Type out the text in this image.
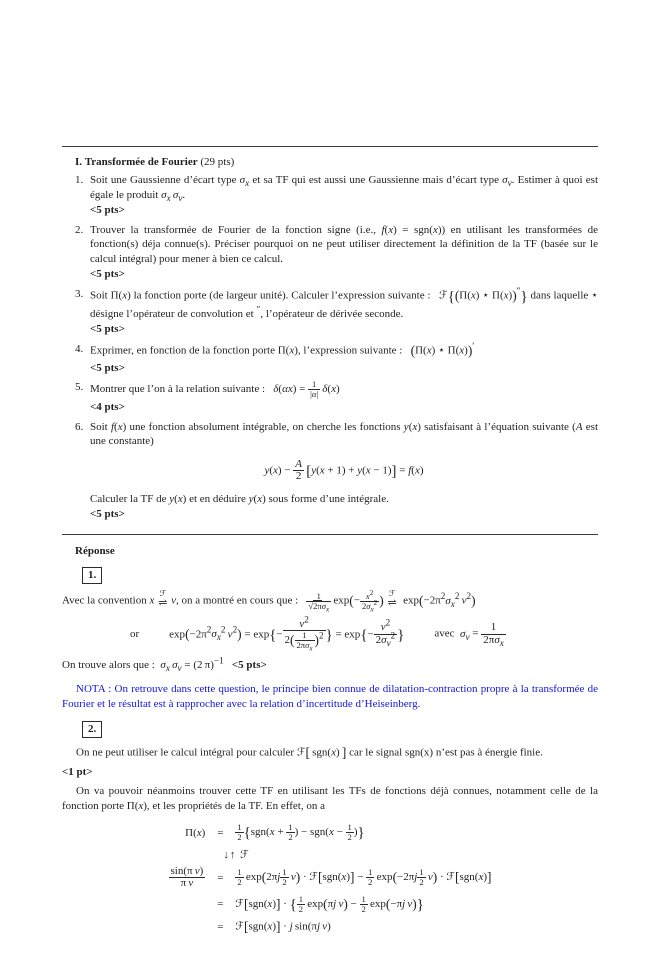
I. Transformée de Fourier (29 pts)
1. Soit une Gaussienne d’écart type $\sigma_x$ et sa TF qui est aussi une Gaussienne mais d’écart type $\sigma_\nu$. Estimer à quoi est égale le produit $\sigma_x$ $\sigma_\nu$.
<5 pts>
2. Trouver la transformée de Fourier de la fonction signe (i.e., f(x) = sgn(x)) en utilisant les transformées de fonction(s) déja connue(s). Préciser pourquoi on ne peut utiliser directement la définition de la TF (basée sur le calcul intégral) pour mener à bien ce calcul.
<5 pts>
3. Soit Π(x) la fonction porte (de largeur unité). Calculer l’expression suivante :   ℱ{(Π(x) ⋆ Π(x))″} dans laquelle ⋆ désigne l’opérateur de convolution et ″, l’opérateur de dérivée seconde.
<5 pts>
4. Exprimer, en fonction de la fonction porte Π(x), l’expression suivante :   (Π(x) ⋆ Π(x))′
<5 pts>
5. Montrer que l’on à la relation suivante :   $\delta(\alpha x) = \frac{1}{|\alpha|}$
  δ(x)
<4 pts>
6. Soit f(x) une fonction absolument intégrable, on cherche les fonctions y(x) satisfaisant à l’équation suivante (A est une constante)
$y(x) - \frac{A}{2}$
  [y(x + 1) + y(x − 1)] = f(x)
Calculer la TF de y(x) et en déduire y(x) sous forme d’une intégrale.
<5 pts>
Réponse
1.
Avec la convention x
ℱ
⇌ ν, on a montré en cours que :	1
$√2\pi\sigma_x$
 $\exp(- \frac{x^2}{2\sigma_x^2}$ ) ℱ
⇌ $\exp(-2\pi^2\sigma_x^2$  $\nu^2$)
or	$\exp(-2\pi^2\sigma_x^2$  $\nu^2) = \exp\{-$
$\nu^2$
2( 1
$2\pi\sigma_x$
)$^2$ } = $\exp\{- \frac{\nu^2}{2\sigma_\nu^2}$ }	avec  $\sigma_\nu$ =
1
$2\pi\sigma_x$
On trouve alors que :  $\sigma_x$ $\sigma_\nu = (2$ π)$^{-1}$ <5 pts>
NOTA : On retrouve dans cette question, le principe bien connue de dilatation-contraction propre à la transformée de Fourier et le résultat est à rapprocher avec la relation d’incertitude d’Heiseinberg.
2.
On ne peut utiliser le calcul intégral pour calculer ℱ[ sgn(x) ] car le signal sgn(x) n’est pas à énergie finie.
<1 pt>
On va pouvoir néanmoins trouver cette TF en utilisant les TFs de fonctions déjà connues, notamment celle de la fonction porte Π(x), et les propriétés de la TF. En effet, on a
$\Pi(x) = \frac{1}{2} \{sgn(x + \frac{1}{2}$ ) − $sgn(x - \frac{1}{2}$ )}
↓↑ ℱ
$\frac{\text{sin(π ν)}}{\text{π ν}} = \frac{1}{2} \exp(2\pi j \frac{1}{2}$
  ν) · ℱ[sgn(x)] − $\frac{1}{2} \exp(-2\pi j \frac{1}{2}$
  ν) · ℱ[sgn(x)]
= ℱ[sgn(x)] · { $\frac{1}{2} \exp(\pi j$  $\nu) - \frac{1}{2} \exp(-\pi j$  ν)}
= ℱ[sgn(x)] · j sin(πj  ν)
